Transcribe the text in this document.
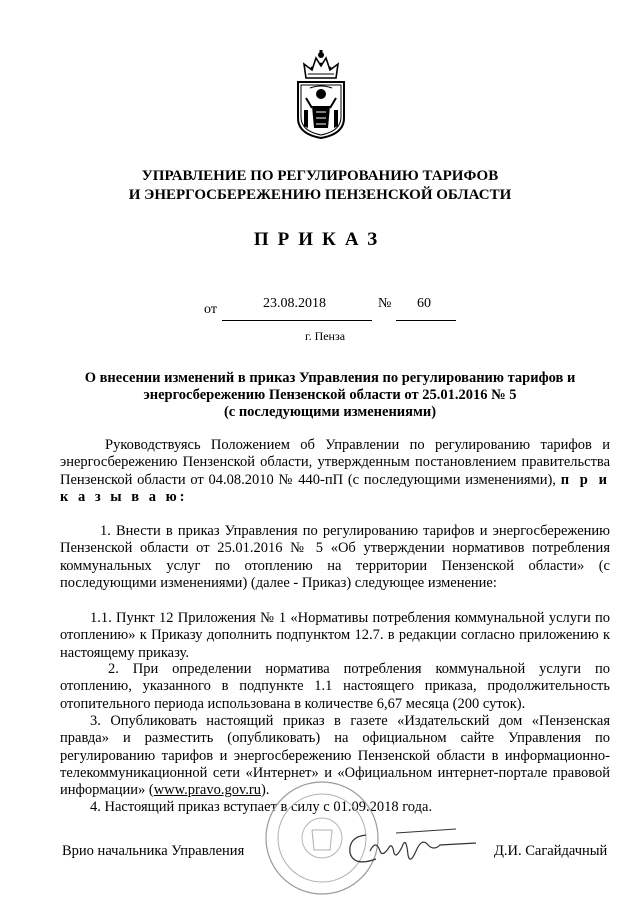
УПРАВЛЕНИЕ ПО РЕГУЛИРОВАНИЮ ТАРИФОВ
И ЭНЕРГОСБЕРЕЖЕНИЮ ПЕНЗЕНСКОЙ ОБЛАСТИ
ПРИКАЗ
от	23.08.2018	№ 60
г. Пенза
О внесении изменений в приказ Управления по регулированию тарифов и
энергосбережению Пензенской области от 25.01.2016 № 5
(с последующими изменениями)
Руководствуясь Положением об Управлении по регулированию тарифов и энергосбережению Пензенской области, утвержденным постановлением правительства Пензенской области от 04.08.2010 № 440-пП (с последующими изменениями), п р и к а з ы в а ю:
1. Внести в приказ Управления по регулированию тарифов и энергосбережению Пензенской области от 25.01.2016 № 5 «Об утверждении нормативов потребления коммунальных услуг по отоплению на территории Пензенской области» (с последующими изменениями) (далее - Приказ) следующее изменение:
1.1. Пункт 12 Приложения № 1 «Нормативы потребления коммунальной услуги по отоплению» к Приказу дополнить подпунктом 12.7. в редакции согласно приложению к настоящему приказу.
2. При определении норматива потребления коммунальной услуги по отоплению, указанного в подпункте 1.1 настоящего приказа, продолжительность отопительного периода использована в количестве 6,67 месяца (200 суток).
3. Опубликовать настоящий приказ в газете «Издательский дом «Пензенская правда» и разместить (опубликовать) на официальном сайте Управления по регулированию тарифов и энергосбережению Пензенской области в информационно-телекоммуникационной сети «Интернет» и «Официальном интернет-портале правовой информации» (www.pravo.gov.ru).
4. Настоящий приказ вступает в силу с 01.09.2018 года.
Врио начальника Управления	Д.И. Сагайдачный
